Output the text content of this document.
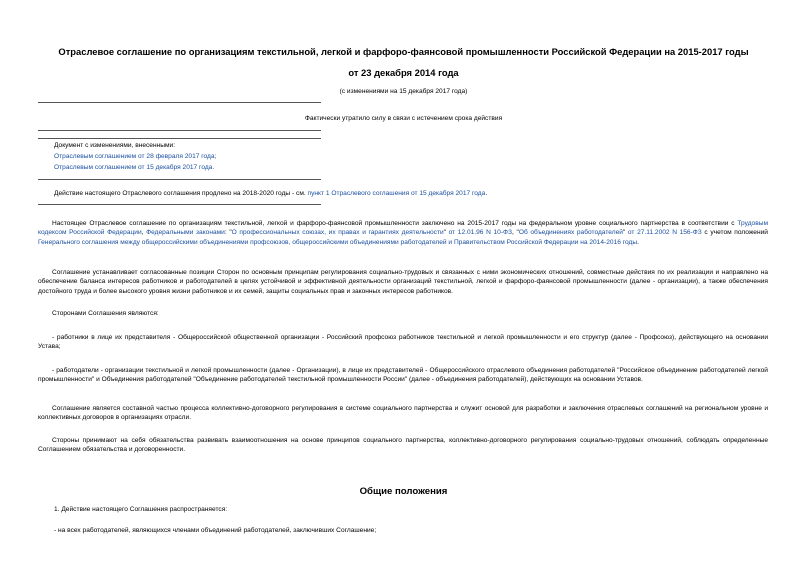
Отраслевое соглашение по организациям текстильной, легкой и фарфоро-фаянсовой промышленности Российской Федерации на 2015-2017 годы
от 23 декабря 2014 года
(с изменениями на 15 декабря 2017 года)
Фактически утратило силу в связи с истечением срока действия
Документ с изменениями, внесенными:
Отраслевым соглашением от 28 февраля 2017 года;
Отраслевым соглашением от 15 декабря 2017 года.
Действие настоящего Отраслевого соглашения продлено на 2018-2020 годы - см. пункт 1 Отраслевого соглашения от 15 декабря 2017 года.
Настоящее Отраслевое соглашение по организациям текстильной, легкой и фарфоро-фаянсовой промышленности заключено на 2015-2017 годы на федеральном уровне социального партнерства в соответствии с Трудовым кодексом Российской Федерации, Федеральными законами: "О профессиональных союзах, их правах и гарантиях деятельности" от 12.01.96 N 10-ФЗ, "Об объединениях работодателей" от 27.11.2002 N 156-ФЗ с учетом положений Генерального соглашения между общероссийскими объединениями профсоюзов, общероссийскими объединениями работодателей и Правительством Российской Федерации на 2014-2016 годы.
Соглашение устанавливает согласованные позиции Сторон по основным принципам регулирования социально-трудовых и связанных с ними экономических отношений, совместные действия по их реализации и направлено на обеспечение баланса интересов работников и работодателей в целях устойчивой и эффективной деятельности организаций текстильной, легкой и фарфоро-фаянсовой промышленности (далее - организации), а также обеспечения достойного труда и более высокого уровня жизни работников и их семей, защиты социальных прав и законных интересов работников.
Сторонами Соглашения являются:
- работники в лице их представителя - Общероссийской общественной организации - Российский профсоюз работников текстильной и легкой промышленности и его структур (далее - Профсоюз), действующего на основании Устава;
- работодатели - организации текстильной и легкой промышленности (далее - Организации), в лице их представителей - Общероссийского отраслевого объединения работодателей "Российское объединение работодателей легкой промышленности" и Объединения работодателей "Объединение работодателей текстильной промышленности России" (далее - объединения работодателей), действующих на основании Уставов.
Соглашение является составной частью процесса коллективно-договорного регулирования в системе социального партнерства и служит основой для разработки и заключения отраслевых соглашений на региональном уровне и коллективных договоров в организациях отрасли.
Стороны принимают на себя обязательства развивать взаимоотношения на основе принципов социального партнерства, коллективно-договорного регулирования социально-трудовых отношений, соблюдать определенные Соглашением обязательства и договоренности.
Общие положения
1. Действие настоящего Соглашения распространяется:
- на всех работодателей, являющихся членами объединений работодателей, заключивших Соглашение;
